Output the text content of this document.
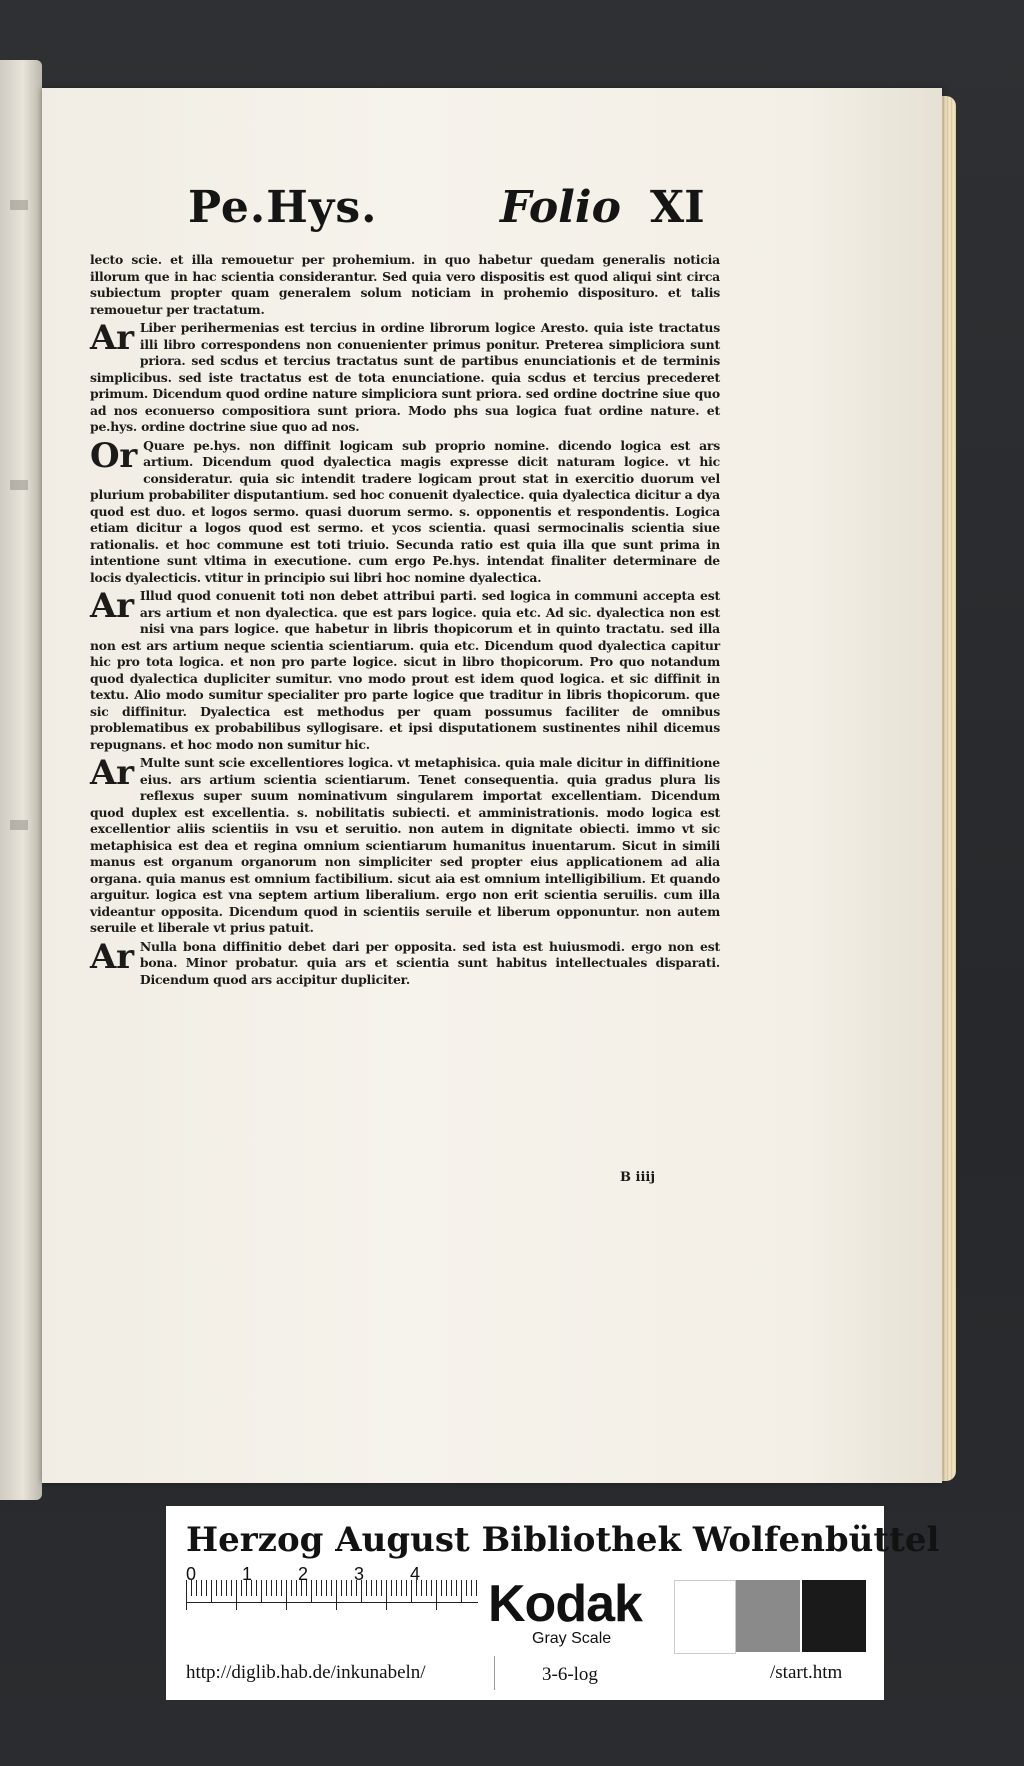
Pe.Hys.	Folio XI

lecto scie. et illa remouetur per prohemium. in quo habetur quedam generalis noticia illorum que in hac scientia considerantur. Sed quia vero dispositis est quod aliqui sint circa subiectum propter quam generalem solum noticiam in prohemio disposituro. et talis remouetur per tractatum.

Ar Liber perihermenias est tercius in ordine librorum logice Aresto. quia iste tractatus illi libro correspondens non conuenienter primus ponitur. Preterea simpliciora sunt priora. sed scdus et tercius tractatus sunt de partibus enunciationis et de terminis simplicibus. sed iste tractatus est de tota enunciatione. quia scdus et tercius precederet primum. Dicendum quod ordine nature simpliciora sunt priora. sed ordine doctrine siue quo ad nos econuerso compositiora sunt priora. Modo phs sua logica fuat ordine nature. et pe.hys. ordine doctrine siue quo ad nos.

Or Quare pe.hys. non diffinit logicam sub proprio nomine. dicendo logica est ars artium. Dicendum quod dyalectica magis expresse dicit naturam logice. vt hic consideratur. quia sic intendit tradere logicam prout stat in exercitio duorum vel plurium probabiliter disputantium. sed hoc conuenit dyalectice. quia dyalectica dicitur a dya quod est duo. et logos sermo. quasi duorum sermo. s. opponentis et respondentis. Logica etiam dicitur a logos quod est sermo. et ycos scientia. quasi sermocinalis scientia siue rationalis. et hoc commune est toti triuio. Secunda ratio est quia illa que sunt prima in intentione sunt vltima in executione. cum ergo Pe.hys. intendat finaliter determinare de locis dyalecticis. vtitur in principio sui libri hoc nomine dyalectica.

Ar Illud quod conuenit toti non debet attribui parti. sed logica in communi accepta est ars artium et non dyalectica. que est pars logice. quia etc. Ad sic. dyalectica non est nisi vna pars logice. que habetur in libris thopicorum et in quinto tractatu. sed illa non est ars artium neque scientia scientiarum. quia etc. Dicendum quod dyalectica capitur hic pro tota logica. et non pro parte logice. sicut in libro thopicorum. Pro quo notandum quod dyalectica dupliciter sumitur. vno modo prout est idem quod logica. et sic diffinit in textu. Alio modo sumitur specialiter pro parte logice que traditur in libris thopicorum. que sic diffinitur. Dyalectica est methodus per quam possumus faciliter de omnibus problematibus ex probabilibus syllogisare. et ipsi disputationem sustinentes nihil dicemus repugnans. et hoc modo non sumitur hic.

Ar Multe sunt scie excellentiores logica. vt metaphisica. quia male dicitur in diffinitione eius. ars artium scientia scientiarum. Tenet consequentia. quia gradus plura lis reflexus super suum nominativum singularem importat excellentiam. Dicendum quod duplex est excellentia. s. nobilitatis subiecti. et amministrationis. modo logica est excellentior aliis scientiis in vsu et seruitio. non autem in dignitate obiecti. immo vt sic metaphisica est dea et regina omnium scientiarum humanitus inuentarum. Sicut in simili manus est organum organorum non simpliciter sed propter eius applicationem ad alia organa. quia manus est omnium factibilium. sicut aia est omnium intelligibilium. Et quando arguitur. logica est vna septem artium liberalium. ergo non erit scientia seruilis. cum illa videantur opposita. Dicendum quod in scientiis seruile et liberum opponuntur. non autem seruile et liberale vt prius patuit.

Ar Nulla bona diffinitio debet dari per opposita. sed ista est huiusmodi. ergo non est bona. Minor probatur. quia ars et scientia sunt habitus intellectuales disparati. Dicendum quod ars accipitur dupliciter.

B iiij
Herzog August Bibliothek Wolfenbüttel
0	1	2	3	4
Kodak
Gray Scale
http://diglib.hab.de/inkunabeln/	3-6-log	/start.htm
